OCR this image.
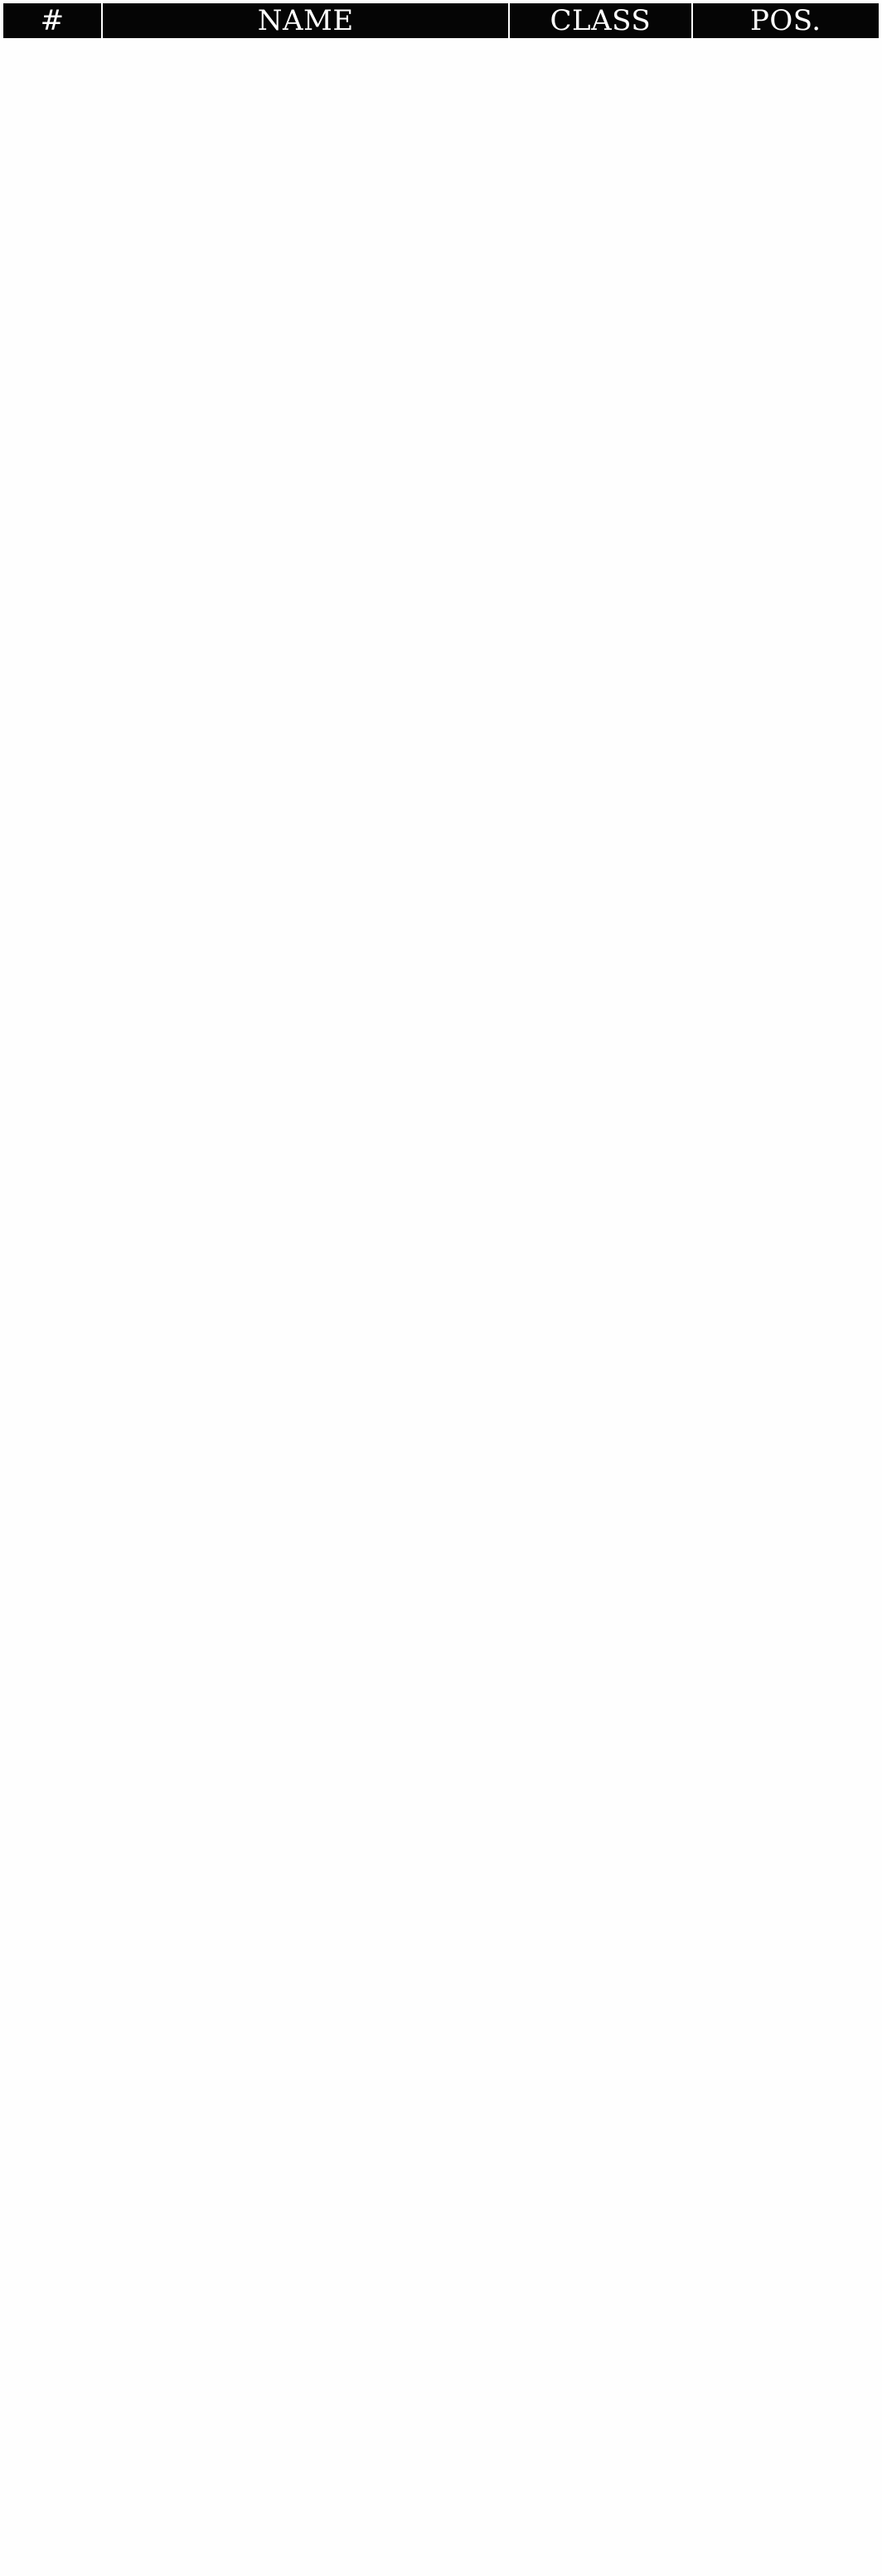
#	NAME	CLASS	POS.
